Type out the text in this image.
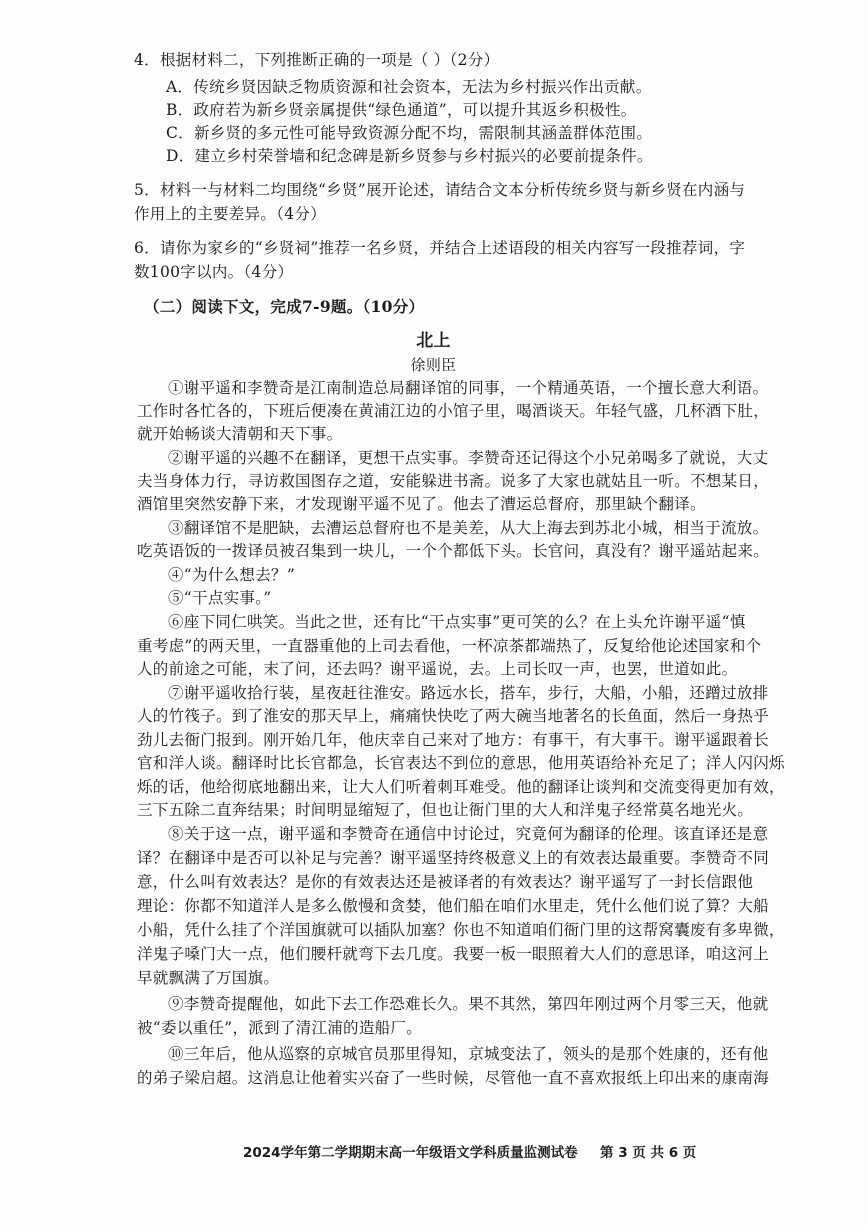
4．根据材料二，下列推断正确的一项是（ ）（2分）
A．传统乡贤因缺乏物质资源和社会资本，无法为乡村振兴作出贡献。
B．政府若为新乡贤亲属提供“绿色通道”，可以提升其返乡积极性。
C．新乡贤的多元性可能导致资源分配不均，需限制其涵盖群体范围。
D．建立乡村荣誉墙和纪念碑是新乡贤参与乡村振兴的必要前提条件。
5．材料一与材料二均围绕“乡贤”展开论述，请结合文本分析传统乡贤与新乡贤在内涵与
作用上的主要差异。（4分）
6．请你为家乡的“乡贤祠”推荐一名乡贤，并结合上述语段的相关内容写一段推荐词，字
数100字以内。（4分）
（二）阅读下文，完成7-9题。（10分）
北上
徐则臣
①谢平遥和李赞奇是江南制造总局翻译馆的同事，一个精通英语，一个擅长意大利语。
工作时各忙各的，下班后便凑在黄浦江边的小馆子里，喝酒谈天。年轻气盛，几杯酒下肚，
就开始畅谈大清朝和天下事。
②谢平遥的兴趣不在翻译，更想干点实事。李赞奇还记得这个小兄弟喝多了就说，大丈
夫当身体力行，寻访救国图存之道，安能躲进书斋。说多了大家也就姑且一听。不想某日，
酒馆里突然安静下来，才发现谢平遥不见了。他去了漕运总督府，那里缺个翻译。
③翻译馆不是肥缺，去漕运总督府也不是美差，从大上海去到苏北小城，相当于流放。
吃英语饭的一拨译员被召集到一块儿，一个个都低下头。长官问，真没有？谢平遥站起来。
④“为什么想去？”
⑤“干点实事。”
⑥座下同仁哄笑。当此之世，还有比“干点实事”更可笑的么？在上头允许谢平遥“慎
重考虑”的两天里，一直器重他的上司去看他，一杯凉茶都端热了，反复给他论述国家和个
人的前途之可能，末了问，还去吗？谢平遥说，去。上司长叹一声，也罢，世道如此。
⑦谢平遥收拾行装，星夜赶往淮安。路远水长，搭车，步行，大船，小船，还蹭过放排
人的竹筏子。到了淮安的那天早上，痛痛快快吃了两大碗当地著名的长鱼面，然后一身热乎
劲儿去衙门报到。刚开始几年，他庆幸自己来对了地方：有事干，有大事干。谢平遥跟着长
官和洋人谈。翻译时比长官都急，长官表达不到位的意思，他用英语给补充足了；洋人闪闪烁
烁的话，他给彻底地翻出来，让大人们听着刺耳难受。他的翻译让谈判和交流变得更加有效，
三下五除二直奔结果；时间明显缩短了，但也让衙门里的大人和洋鬼子经常莫名地光火。
⑧关于这一点，谢平遥和李赞奇在通信中讨论过，究竟何为翻译的伦理。该直译还是意
译？在翻译中是否可以补足与完善？谢平遥坚持终极意义上的有效表达最重要。李赞奇不同
意，什么叫有效表达？是你的有效表达还是被译者的有效表达？谢平遥写了一封长信跟他
理论：你都不知道洋人是多么傲慢和贪婪，他们船在咱们水里走，凭什么他们说了算？大船
小船，凭什么挂了个洋国旗就可以插队加塞？你也不知道咱们衙门里的这帮窝囊废有多卑微，
洋鬼子嗓门大一点，他们腰杆就弯下去几度。我要一板一眼照着大人们的意思译，咱这河上
早就飘满了万国旗。
⑨李赞奇提醒他，如此下去工作恐难长久。果不其然，第四年刚过两个月零三天，他就
被“委以重任”，派到了清江浦的造船厂。
⑩三年后，他从巡察的京城官员那里得知，京城变法了，领头的是那个姓康的，还有他
的弟子梁启超。这消息让他着实兴奋了一些时候，尽管他一直不喜欢报纸上印出来的康南海
2024学年第二学期期末高一年级语文学科质量监测试卷 第 3 页 共 6 页
